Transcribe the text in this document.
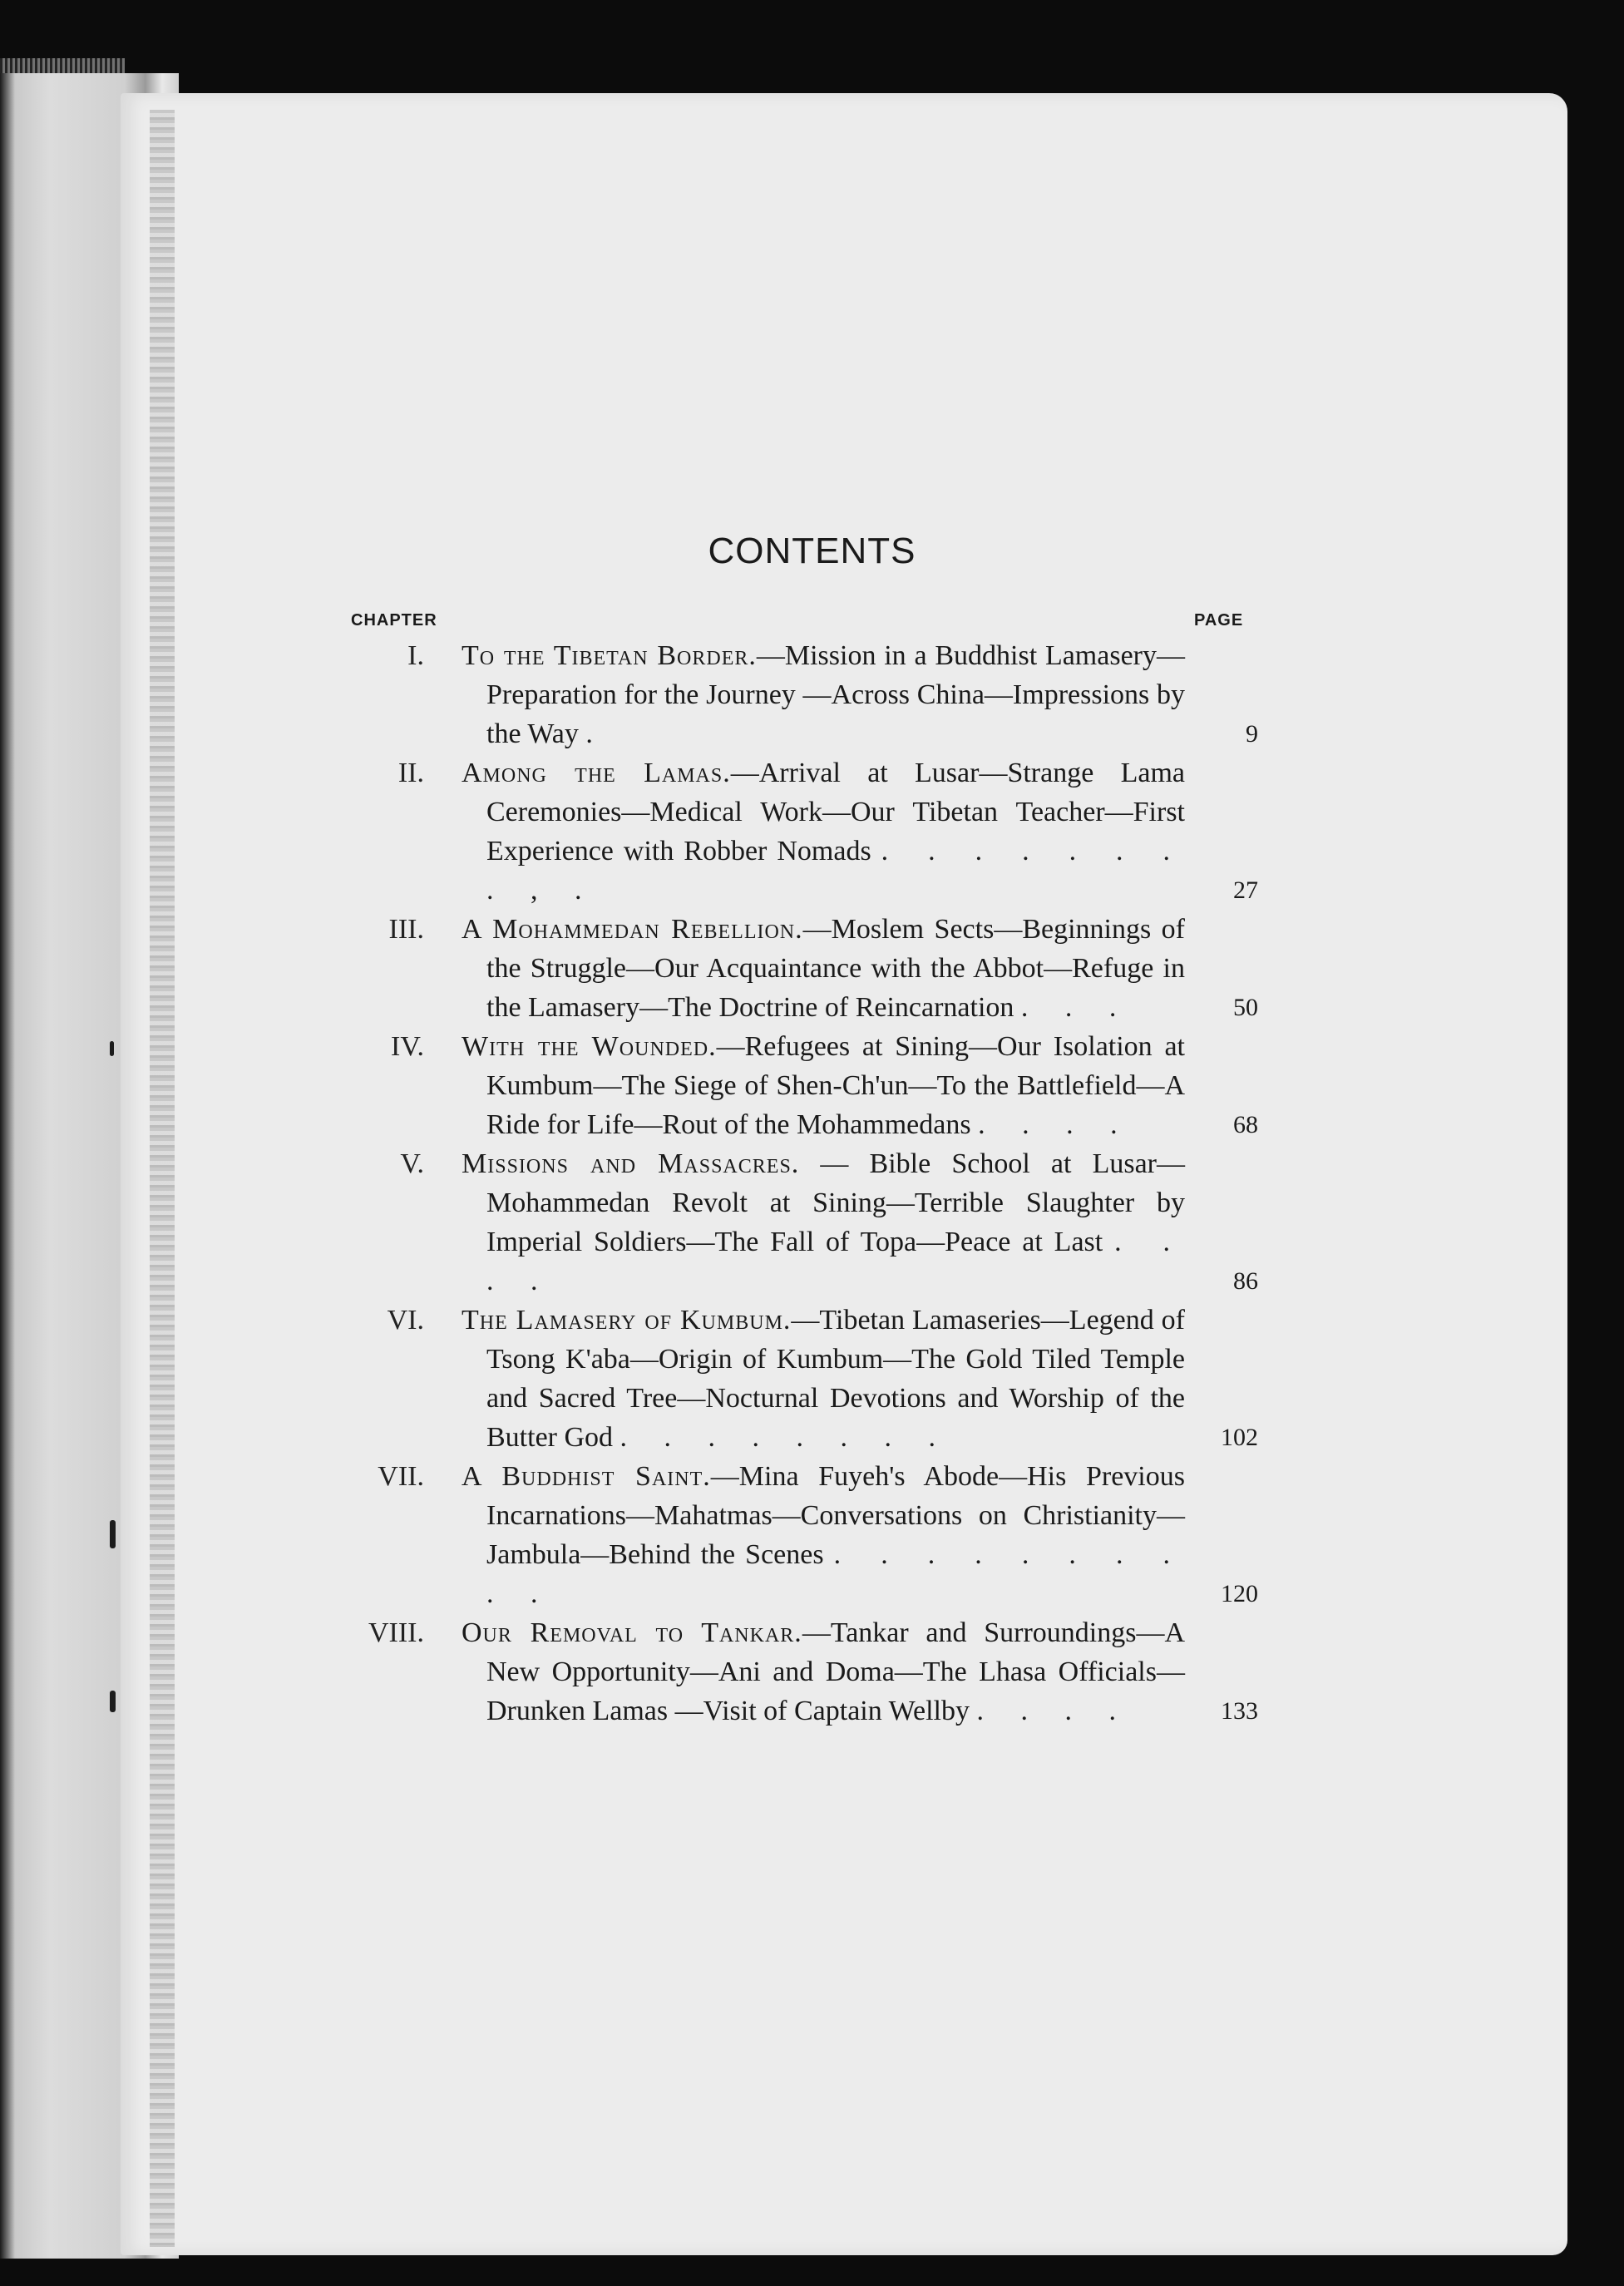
CONTENTS
CHAPTER	PAGE
I. To the Tibetan Border.—Mission in a Buddhist Lamasery—Preparation for the Journey —Across China—Impressions by the Way .	9
II. Among the Lamas.—Arrival at Lusar—Strange Lama Ceremonies—Medical Work—Our Tibetan Teacher—First Experience with Robber Nomads . . . . . . . . , .	27
III. A Mohammedan Rebellion.—Moslem Sects—Beginnings of the Struggle—Our Acquaintance with the Abbot—Refuge in the Lamasery—The Doctrine of Reincarnation . . .	50
IV. With the Wounded.—Refugees at Sining—Our Isolation at Kumbum—The Siege of Shen-Ch'un—To the Battlefield—A Ride for Life—Rout of the Mohammedans . . . .	68
V. Missions and Massacres. — Bible School at Lusar—Mohammedan Revolt at Sining—Terrible Slaughter by Imperial Soldiers—The Fall of Topa—Peace at Last . . . .	86
VI. The Lamasery of Kumbum.—Tibetan Lamaseries—Legend of Tsong K'aba—Origin of Kumbum—The Gold Tiled Temple and Sacred Tree—Nocturnal Devotions and Worship of the Butter God . . . . . . . .	102
VII. A Buddhist Saint.—Mina Fuyeh's Abode—His Previous Incarnations—Mahatmas—Conversations on Christianity—Jambula—Behind the Scenes . . . . . . . . . .	120
VIII. Our Removal to Tankar.—Tankar and Surroundings—A New Opportunity—Ani and Doma—The Lhasa Officials—Drunken Lamas —Visit of Captain Wellby . . . .	133
